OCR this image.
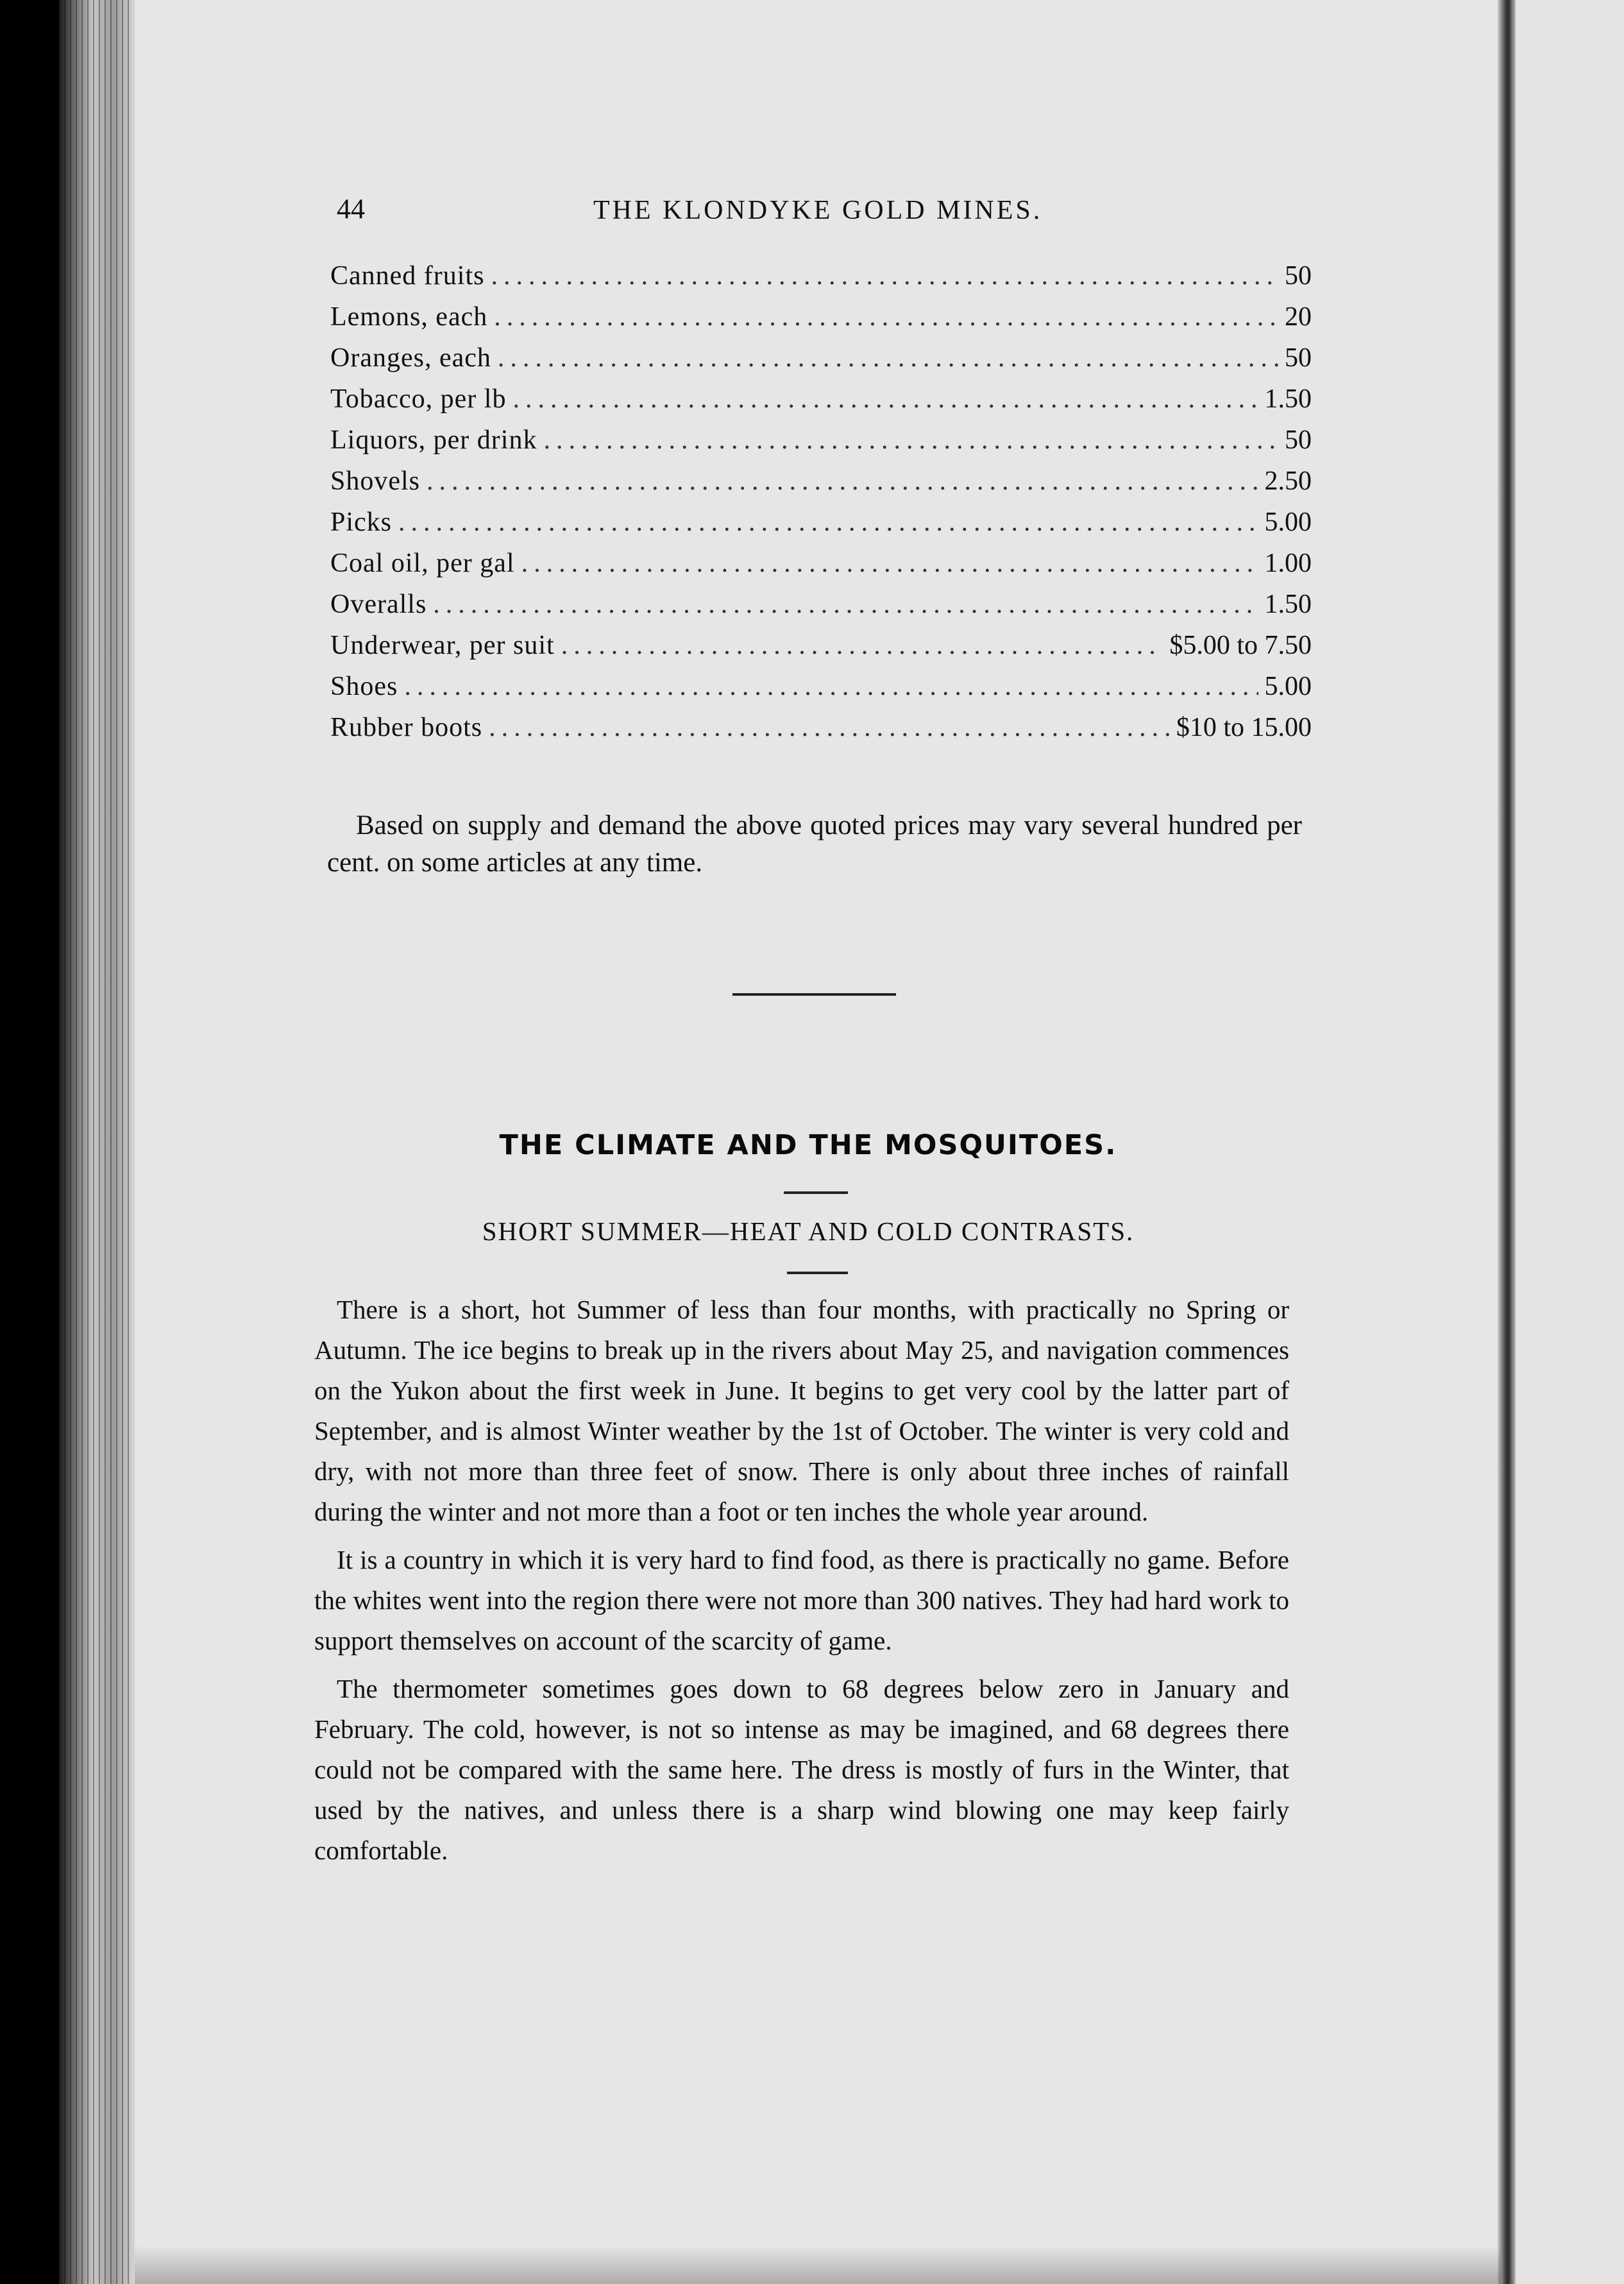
44	THE KLONDYKE GOLD MINES.
Canned fruits .....	50
Lemons, each .....	20
Oranges, each .....	50
Tobacco, per lb .....	1.50
Liquors, per drink .....	50
Shovels .....	2.50
Picks .....	5.00
Coal oil, per gal .....	1.00
Overalls .....	1.50
Underwear, per suit .....	$5.00 to 7.50
Shoes .....	5.00
Rubber boots .....	$10 to 15.00

Based on supply and demand the above quoted prices may vary several hundred per cent. on some articles at any time.

THE CLIMATE AND THE MOSQUITOES.
SHORT SUMMER—HEAT AND COLD CONTRASTS.

There is a short, hot Summer of less than four months, with practically no Spring or Autumn. The ice begins to break up in the rivers about May 25, and navigation commences on the Yukon about the first week in June. It begins to get very cool by the latter part of September, and is almost Winter weather by the 1st of October. The winter is very cold and dry, with not more than three feet of snow. There is only about three inches of rainfall during the winter and not more than a foot or ten inches the whole year around.

It is a country in which it is very hard to find food, as there is practically no game. Before the whites went into the region there were not more than 300 natives. They had hard work to support themselves on account of the scarcity of game.

The thermometer sometimes goes down to 68 degrees below zero in January and February. The cold, however, is not so intense as may be imagined, and 68 degrees there could not be compared with the same here. The dress is mostly of furs in the Winter, that used by the natives, and unless there is a sharp wind blowing one may keep fairly comfortable.
